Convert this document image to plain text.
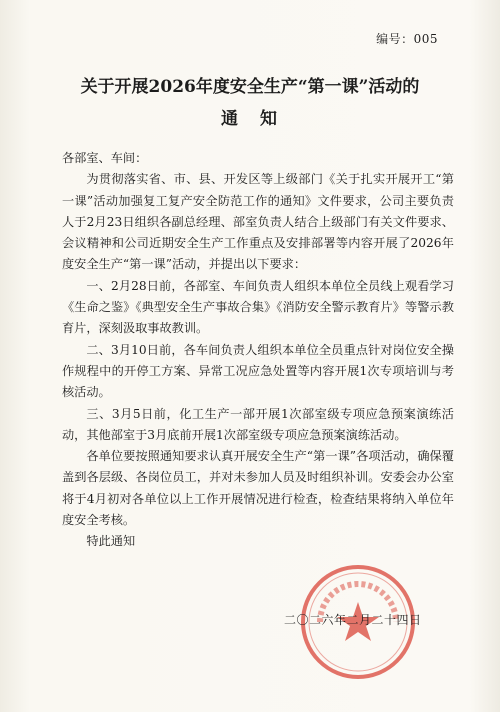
编号：005
关于开展2026年度安全生产“第一课”活动的
通知

各部室、车间：

为贯彻落实省、市、县、开发区等上级部门《关于扎实开展开工“第一课”活动加强复工复产安全防范工作的通知》文件要求，公司主要负责人于2月23日组织各副总经理、部室负责人结合上级部门有关文件要求、会议精神和公司近期安全生产工作重点及安排部署等内容开展了2026年度安全生产“第一课”活动，并提出以下要求：

一、2月28日前，各部室、车间负责人组织本单位全员线上观看学习《生命之鉴》《典型安全生产事故合集》《消防安全警示教育片》等警示教育片，深刻汲取事故教训。

二、3月10日前，各车间负责人组织本单位全员重点针对岗位安全操作规程中的开停工方案、异常工况应急处置等内容开展1次专项培训与考核活动。

三、3月5日前，化工生产一部开展1次部室级专项应急预案演练活动，其他部室于3月底前开展1次部室级专项应急预案演练活动。

各单位要按照通知要求认真开展安全生产“第一课”各项活动，确保覆盖到各层级、各岗位员工，并对未参加人员及时组织补训。安委会办公室将于4月初对各单位以上工作开展情况进行检查，检查结果将纳入单位年度安全考核。

特此通知

二〇二六年二月二十四日
